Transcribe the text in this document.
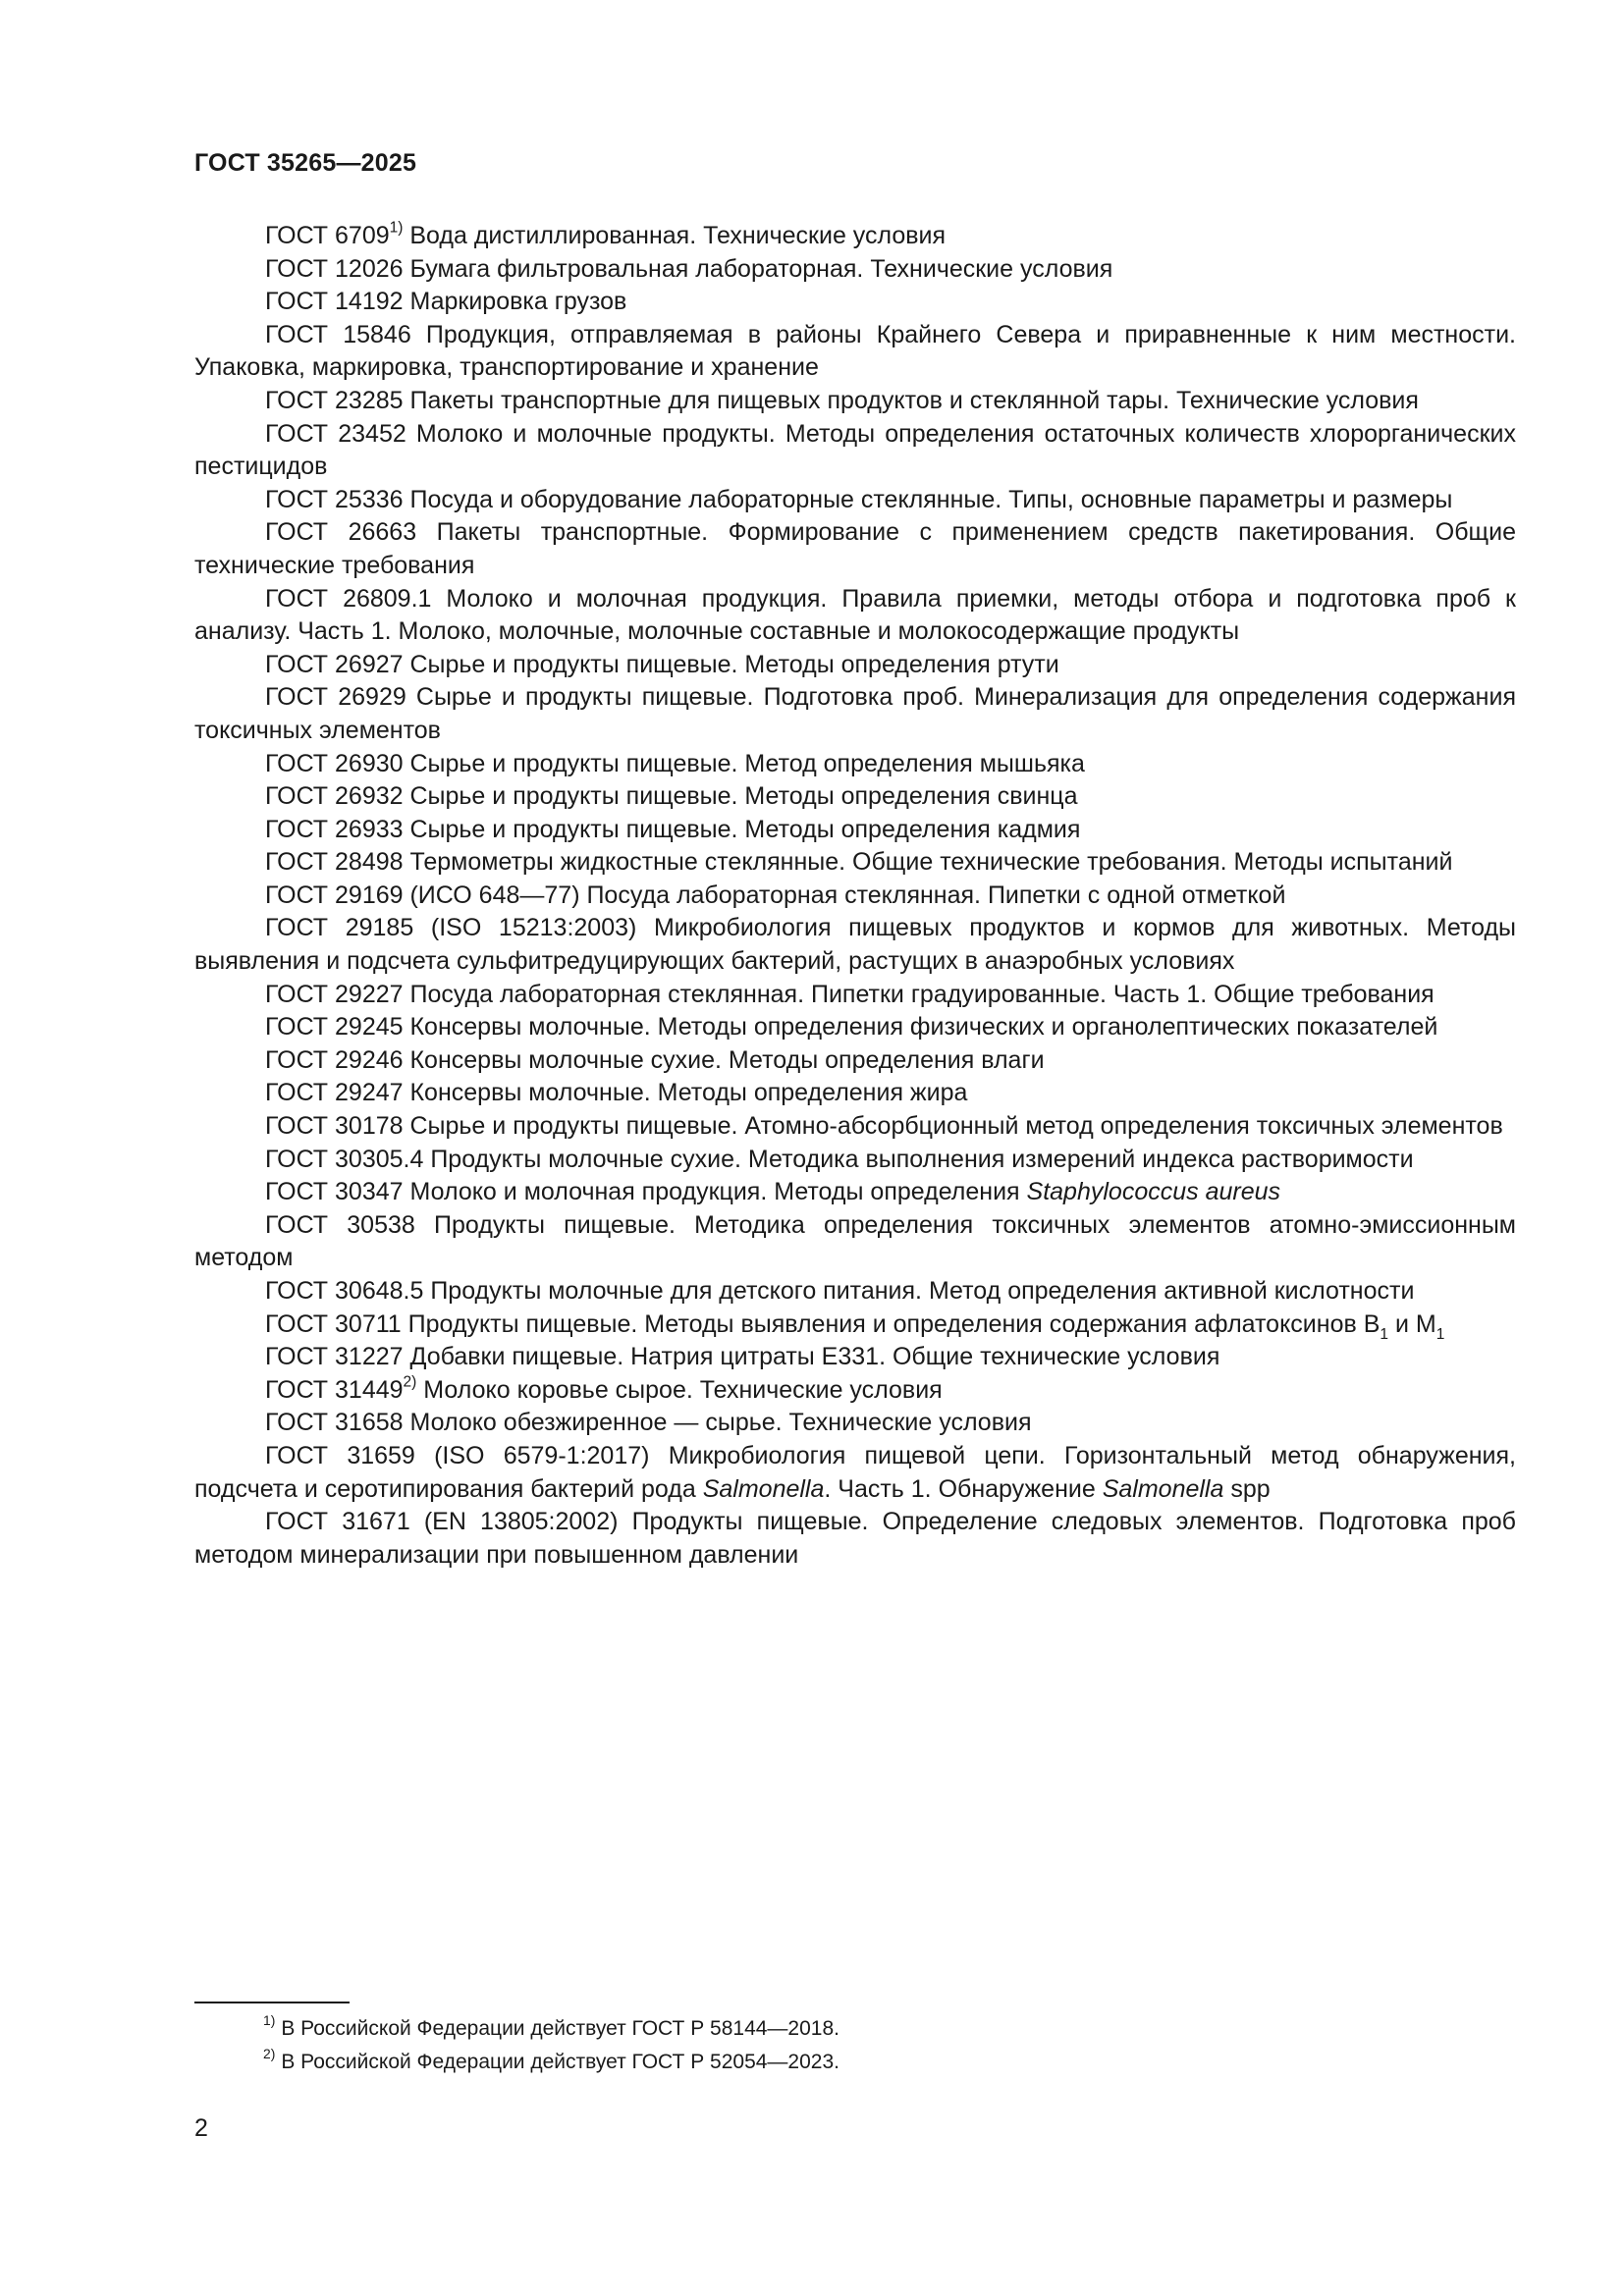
ГОСТ 35265—2025

ГОСТ 6709$^{1)}$ Вода дистиллированная. Технические условия

ГОСТ 12026 Бумага фильтровальная лабораторная. Технические условия

ГОСТ 14192 Маркировка грузов

ГОСТ 15846 Продукция, отправляемая в районы Крайнего Севера и приравненные к ним местности. Упаковка, маркировка, транспортирование и хранение

ГОСТ 23285 Пакеты транспортные для пищевых продуктов и стеклянной тары. Технические условия

ГОСТ 23452 Молоко и молочные продукты. Методы определения остаточных количеств хлорорганических пестицидов

ГОСТ 25336 Посуда и оборудование лабораторные стеклянные. Типы, основные параметры и размеры

ГОСТ 26663 Пакеты транспортные. Формирование с применением средств пакетирования. Общие технические требования

ГОСТ 26809.1 Молоко и молочная продукция. Правила приемки, методы отбора и подготовка проб к анализу. Часть 1. Молоко, молочные, молочные составные и молокосодержащие продукты

ГОСТ 26927 Сырье и продукты пищевые. Методы определения ртути

ГОСТ 26929 Сырье и продукты пищевые. Подготовка проб. Минерализация для определения содержания токсичных элементов

ГОСТ 26930 Сырье и продукты пищевые. Метод определения мышьяка

ГОСТ 26932 Сырье и продукты пищевые. Методы определения свинца

ГОСТ 26933 Сырье и продукты пищевые. Методы определения кадмия

ГОСТ 28498 Термометры жидкостные стеклянные. Общие технические требования. Методы испытаний

ГОСТ 29169 (ИСО 648—77) Посуда лабораторная стеклянная. Пипетки с одной отметкой

ГОСТ 29185 (ISO 15213:2003) Микробиология пищевых продуктов и кормов для животных. Методы выявления и подсчета сульфитредуцирующих бактерий, растущих в анаэробных условиях

ГОСТ 29227 Посуда лабораторная стеклянная. Пипетки градуированные. Часть 1. Общие требования

ГОСТ 29245 Консервы молочные. Методы определения физических и органолептических показателей

ГОСТ 29246 Консервы молочные сухие. Методы определения влаги

ГОСТ 29247 Консервы молочные. Методы определения жира

ГОСТ 30178 Сырье и продукты пищевые. Атомно-абсорбционный метод определения токсичных элементов

ГОСТ 30305.4 Продукты молочные сухие. Методика выполнения измерений индекса растворимости

ГОСТ 30347 Молоко и молочная продукция. Методы определения Staphylococcus aureus

ГОСТ 30538 Продукты пищевые. Методика определения токсичных элементов атомно-эмиссионным методом

ГОСТ 30648.5 Продукты молочные для детского питания. Метод определения активной кислотности

ГОСТ 30711 Продукты пищевые. Методы выявления и определения содержания афлатоксинов $B_1$ и $M_1$

ГОСТ 31227 Добавки пищевые. Натрия цитраты Е331. Общие технические условия

ГОСТ 31449$^{2)}$ Молоко коровье сырое. Технические условия

ГОСТ 31658 Молоко обезжиренное — сырье. Технические условия

ГОСТ 31659 (ISO 6579-1:2017) Микробиология пищевой цепи. Горизонтальный метод обнаружения, подсчета и серотипирования бактерий рода Salmonella. Часть 1. Обнаружение Salmonella spp

ГОСТ 31671 (EN 13805:2002) Продукты пищевые. Определение следовых элементов. Подготовка проб методом минерализации при повышенном давлении

$^{1)}$ В Российской Федерации действует ГОСТ Р 58144—2018.

$^{2)}$ В Российской Федерации действует ГОСТ Р 52054—2023.

2
